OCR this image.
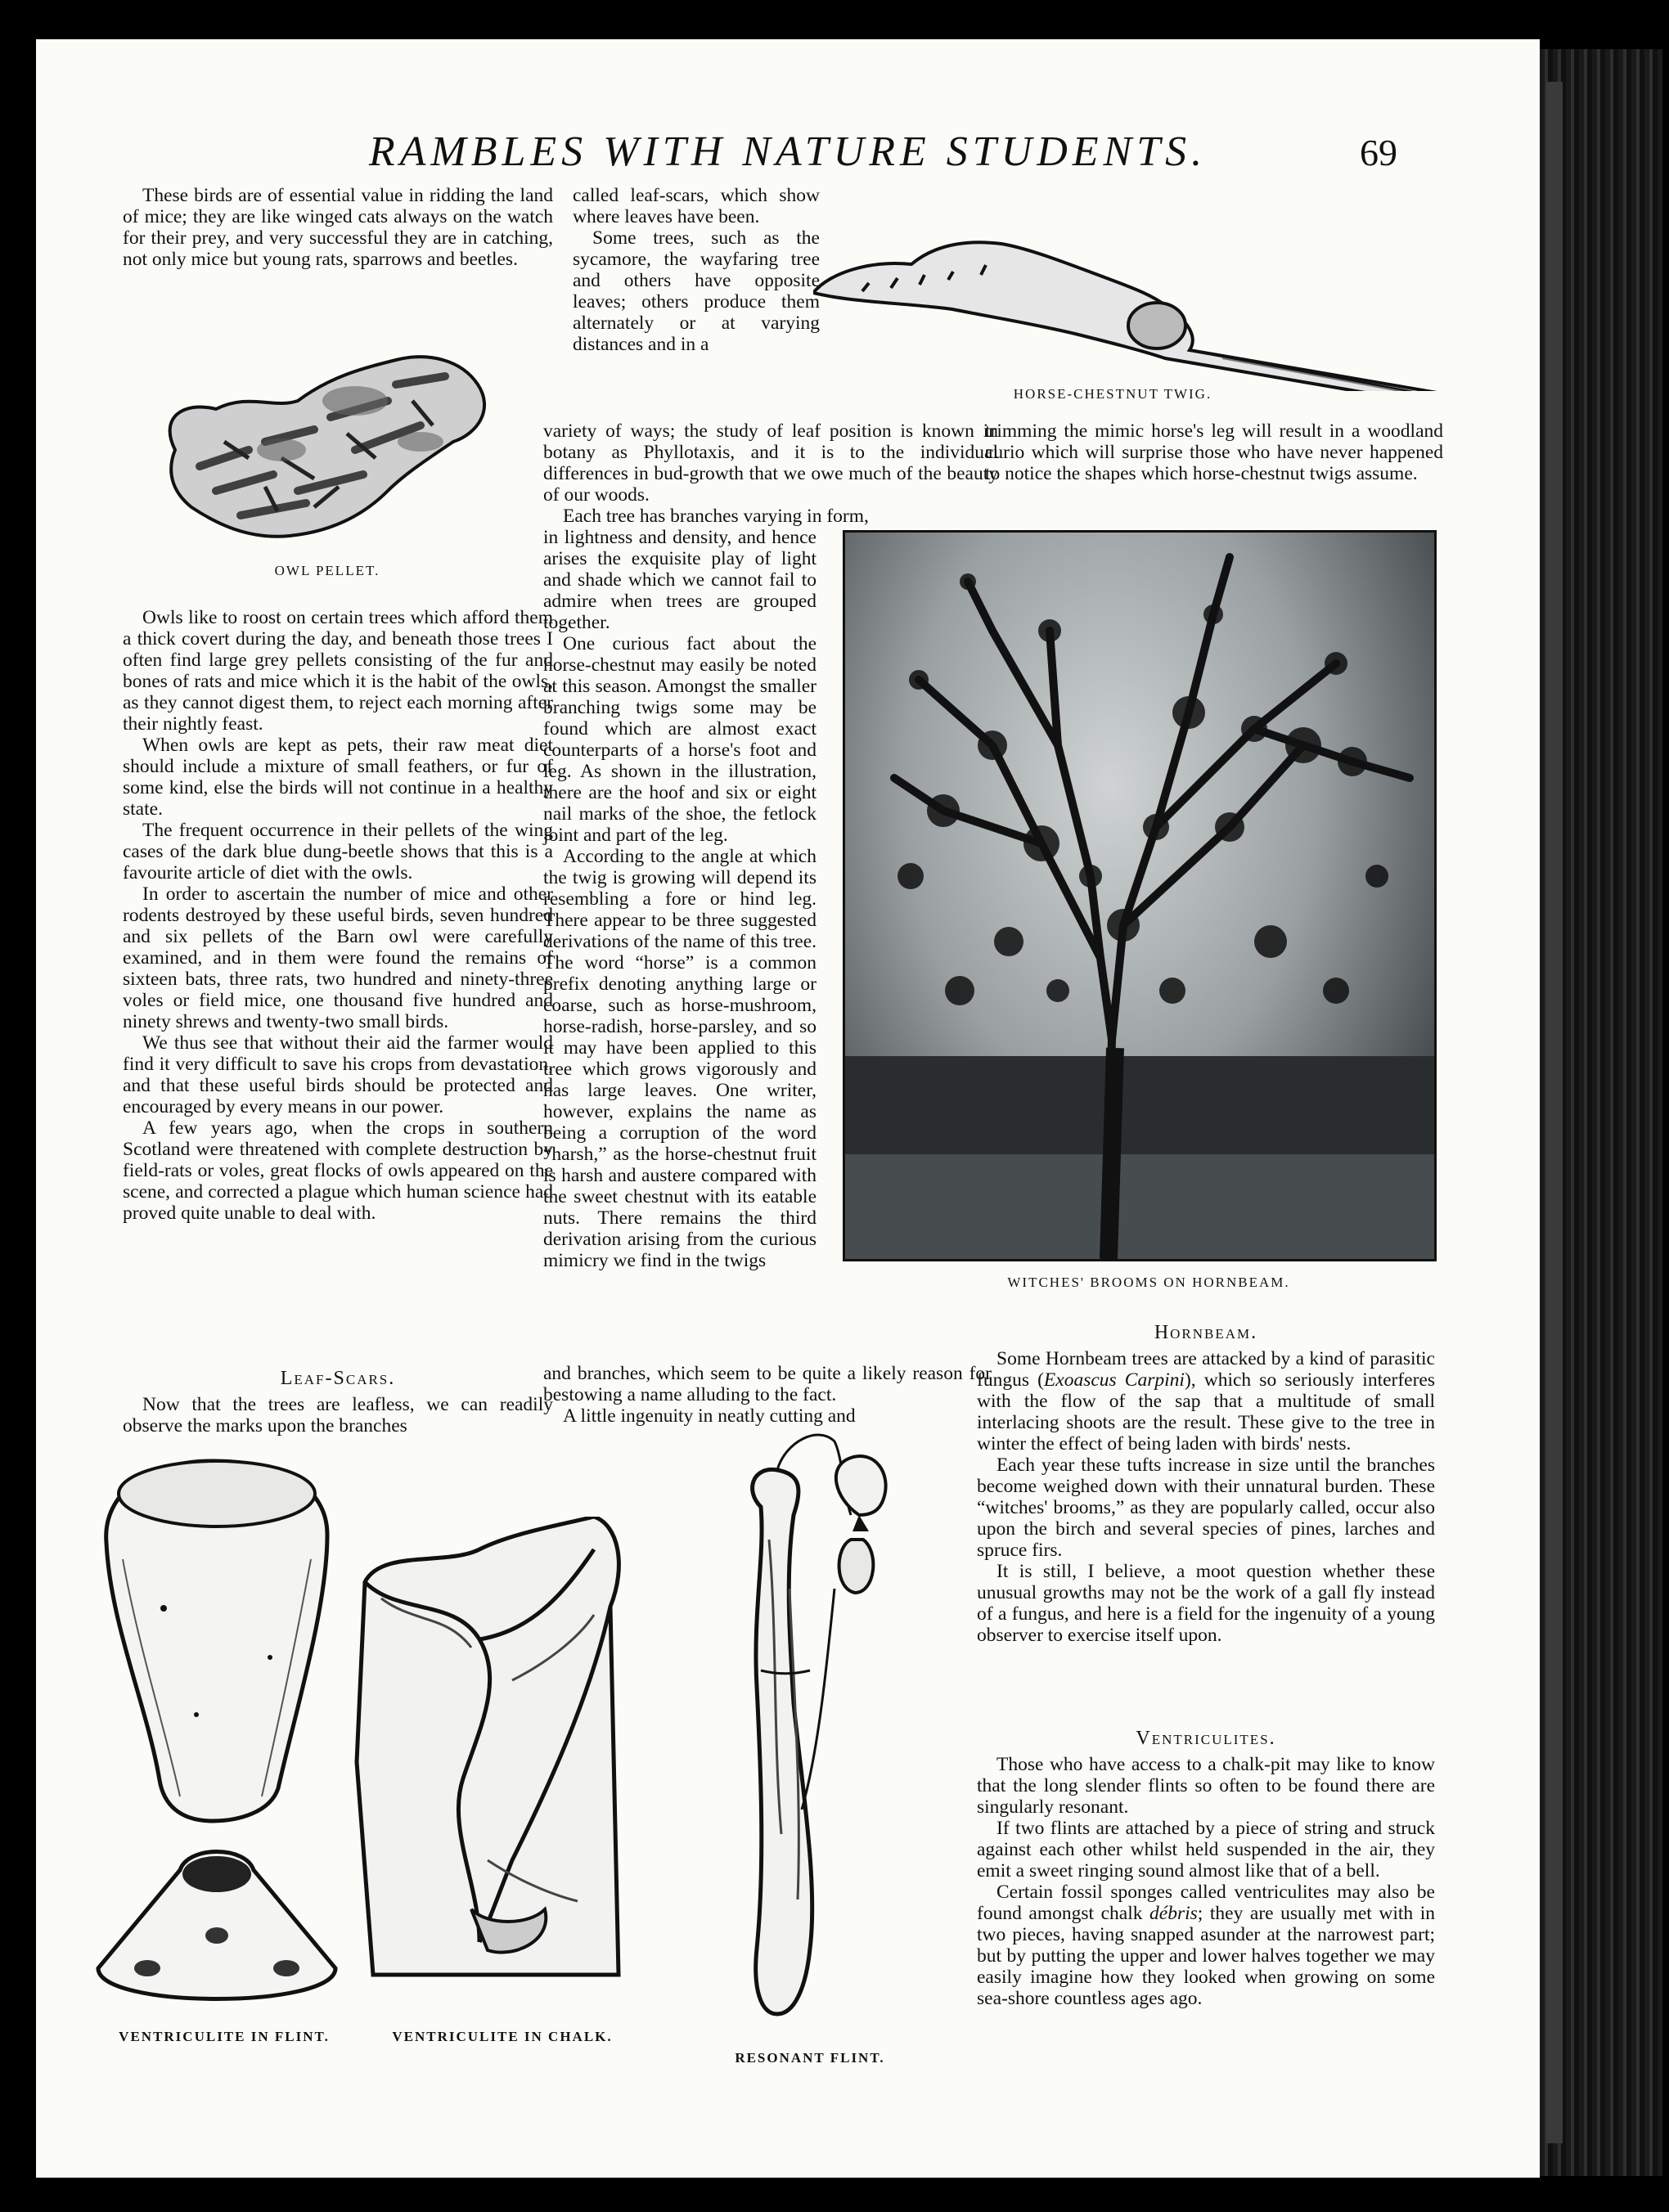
RAMBLES WITH NATURE STUDENTS.	69

These birds are of essential value in ridding the land of mice; they are like winged cats always on the watch for their prey, and very successful they are in catching, not only mice but young rats, sparrows and beetles.

OWL PELLET.

Owls like to roost on certain trees which afford them a thick covert during the day, and beneath those trees I often find large grey pellets consisting of the fur and bones of rats and mice which it is the habit of the owls, as they cannot digest them, to reject each morning after their nightly feast.

When owls are kept as pets, their raw meat diet should include a mixture of small feathers, or fur of some kind, else the birds will not continue in a healthy state.

The frequent occurrence in their pellets of the wing cases of the dark blue dung-beetle shows that this is a favourite article of diet with the owls.

In order to ascertain the number of mice and other rodents destroyed by these useful birds, seven hundred and six pellets of the Barn owl were carefully examined, and in them were found the remains of sixteen bats, three rats, two hundred and ninety-three voles or field mice, one thousand five hundred and ninety shrews and twenty-two small birds.

We thus see that without their aid the farmer would find it very difficult to save his crops from devastation, and that these useful birds should be protected and encouraged by every means in our power.

A few years ago, when the crops in southern Scotland were threatened with complete destruction by field-rats or voles, great flocks of owls appeared on the scene, and corrected a plague which human science had proved quite unable to deal with.

Leaf-Scars.

Now that the trees are leafless, we can readily observe the marks upon the branches

called leaf-scars, which show where leaves have been.

Some trees, such as the sycamore, the wayfaring tree and others have opposite leaves; others produce them alternately or at varying distances and in a

variety of ways; the study of leaf position is known in botany as Phyllotaxis, and it is to the individual differences in bud-growth that we owe much of the beauty of our woods.

Each tree has branches varying in form,

in lightness and density, and hence arises the exquisite play of light and shade which we cannot fail to admire when trees are grouped together.

One curious fact about the horse-chestnut may easily be noted at this season. Amongst the smaller branching twigs some may be found which are almost exact counterparts of a horse's foot and leg. As shown in the illustration, there are the hoof and six or eight nail marks of the shoe, the fetlock joint and part of the leg.

According to the angle at which the twig is growing will depend its resembling a fore or hind leg. There appear to be three suggested derivations of the name of this tree. The word “horse” is a common prefix denoting anything large or coarse, such as horse-mushroom, horse-radish, horse-parsley, and so it may have been applied to this tree which grows vigorously and has large leaves. One writer, however, explains the name as being a corruption of the word “harsh,” as the horse-chestnut fruit is harsh and austere compared with the sweet chestnut with its eatable nuts. There remains the third derivation arising from the curious mimicry we find in the twigs

and branches, which seem to be quite a likely reason for bestowing a name alluding to the fact.

A little ingenuity in neatly cutting and

HORSE-CHESTNUT TWIG.

trimming the mimic horse's leg will result in a woodland curio which will surprise those who have never happened to notice the shapes which horse-chestnut twigs assume.

WITCHES' BROOMS ON HORNBEAM.
Hornbeam.

Some Hornbeam trees are attacked by a kind of parasitic fungus (Exoascus Carpini), which so seriously interferes with the flow of the sap that a multitude of small interlacing shoots are the result. These give to the tree in winter the effect of being laden with birds' nests.

Each year these tufts increase in size until the branches become weighed down with their unnatural burden. These “witches' brooms,” as they are popularly called, occur also upon the birch and several species of pines, larches and spruce firs.

It is still, I believe, a moot question whether these unusual growths may not be the work of a gall fly instead of a fungus, and here is a field for the ingenuity of a young observer to exercise itself upon.

Ventriculites.

Those who have access to a chalk-pit may like to know that the long slender flints so often to be found there are singularly resonant.

If two flints are attached by a piece of string and struck against each other whilst held suspended in the air, they emit a sweet ringing sound almost like that of a bell.

Certain fossil sponges called ventriculites may also be found amongst chalk débris; they are usually met with in two pieces, having snapped asunder at the narrowest part; but by putting the upper and lower halves together we may easily imagine how they looked when growing on some sea-shore countless ages ago.

VENTRICULITE IN FLINT.	VENTRICULITE IN CHALK.
RESONANT FLINT.
